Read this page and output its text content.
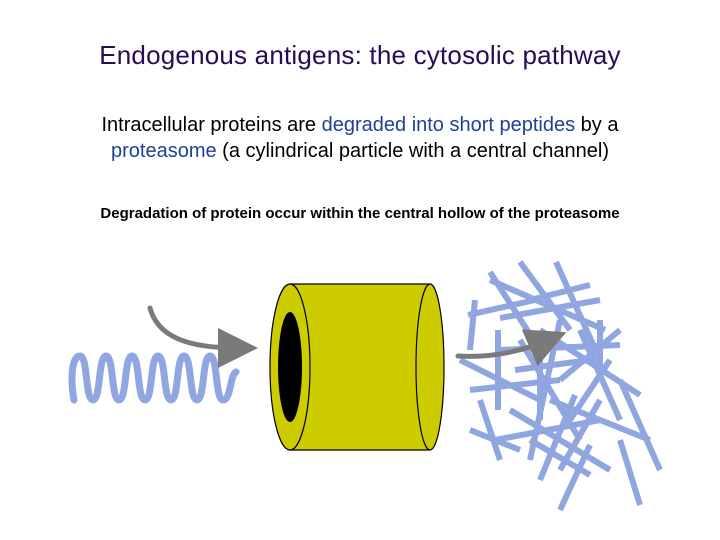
Endogenous antigens: the cytosolic pathway
Intracellular proteins are degraded into short peptides by a
proteasome (a cylindrical particle with a central channel)
Degradation of protein occur within the central hollow of the proteasome
